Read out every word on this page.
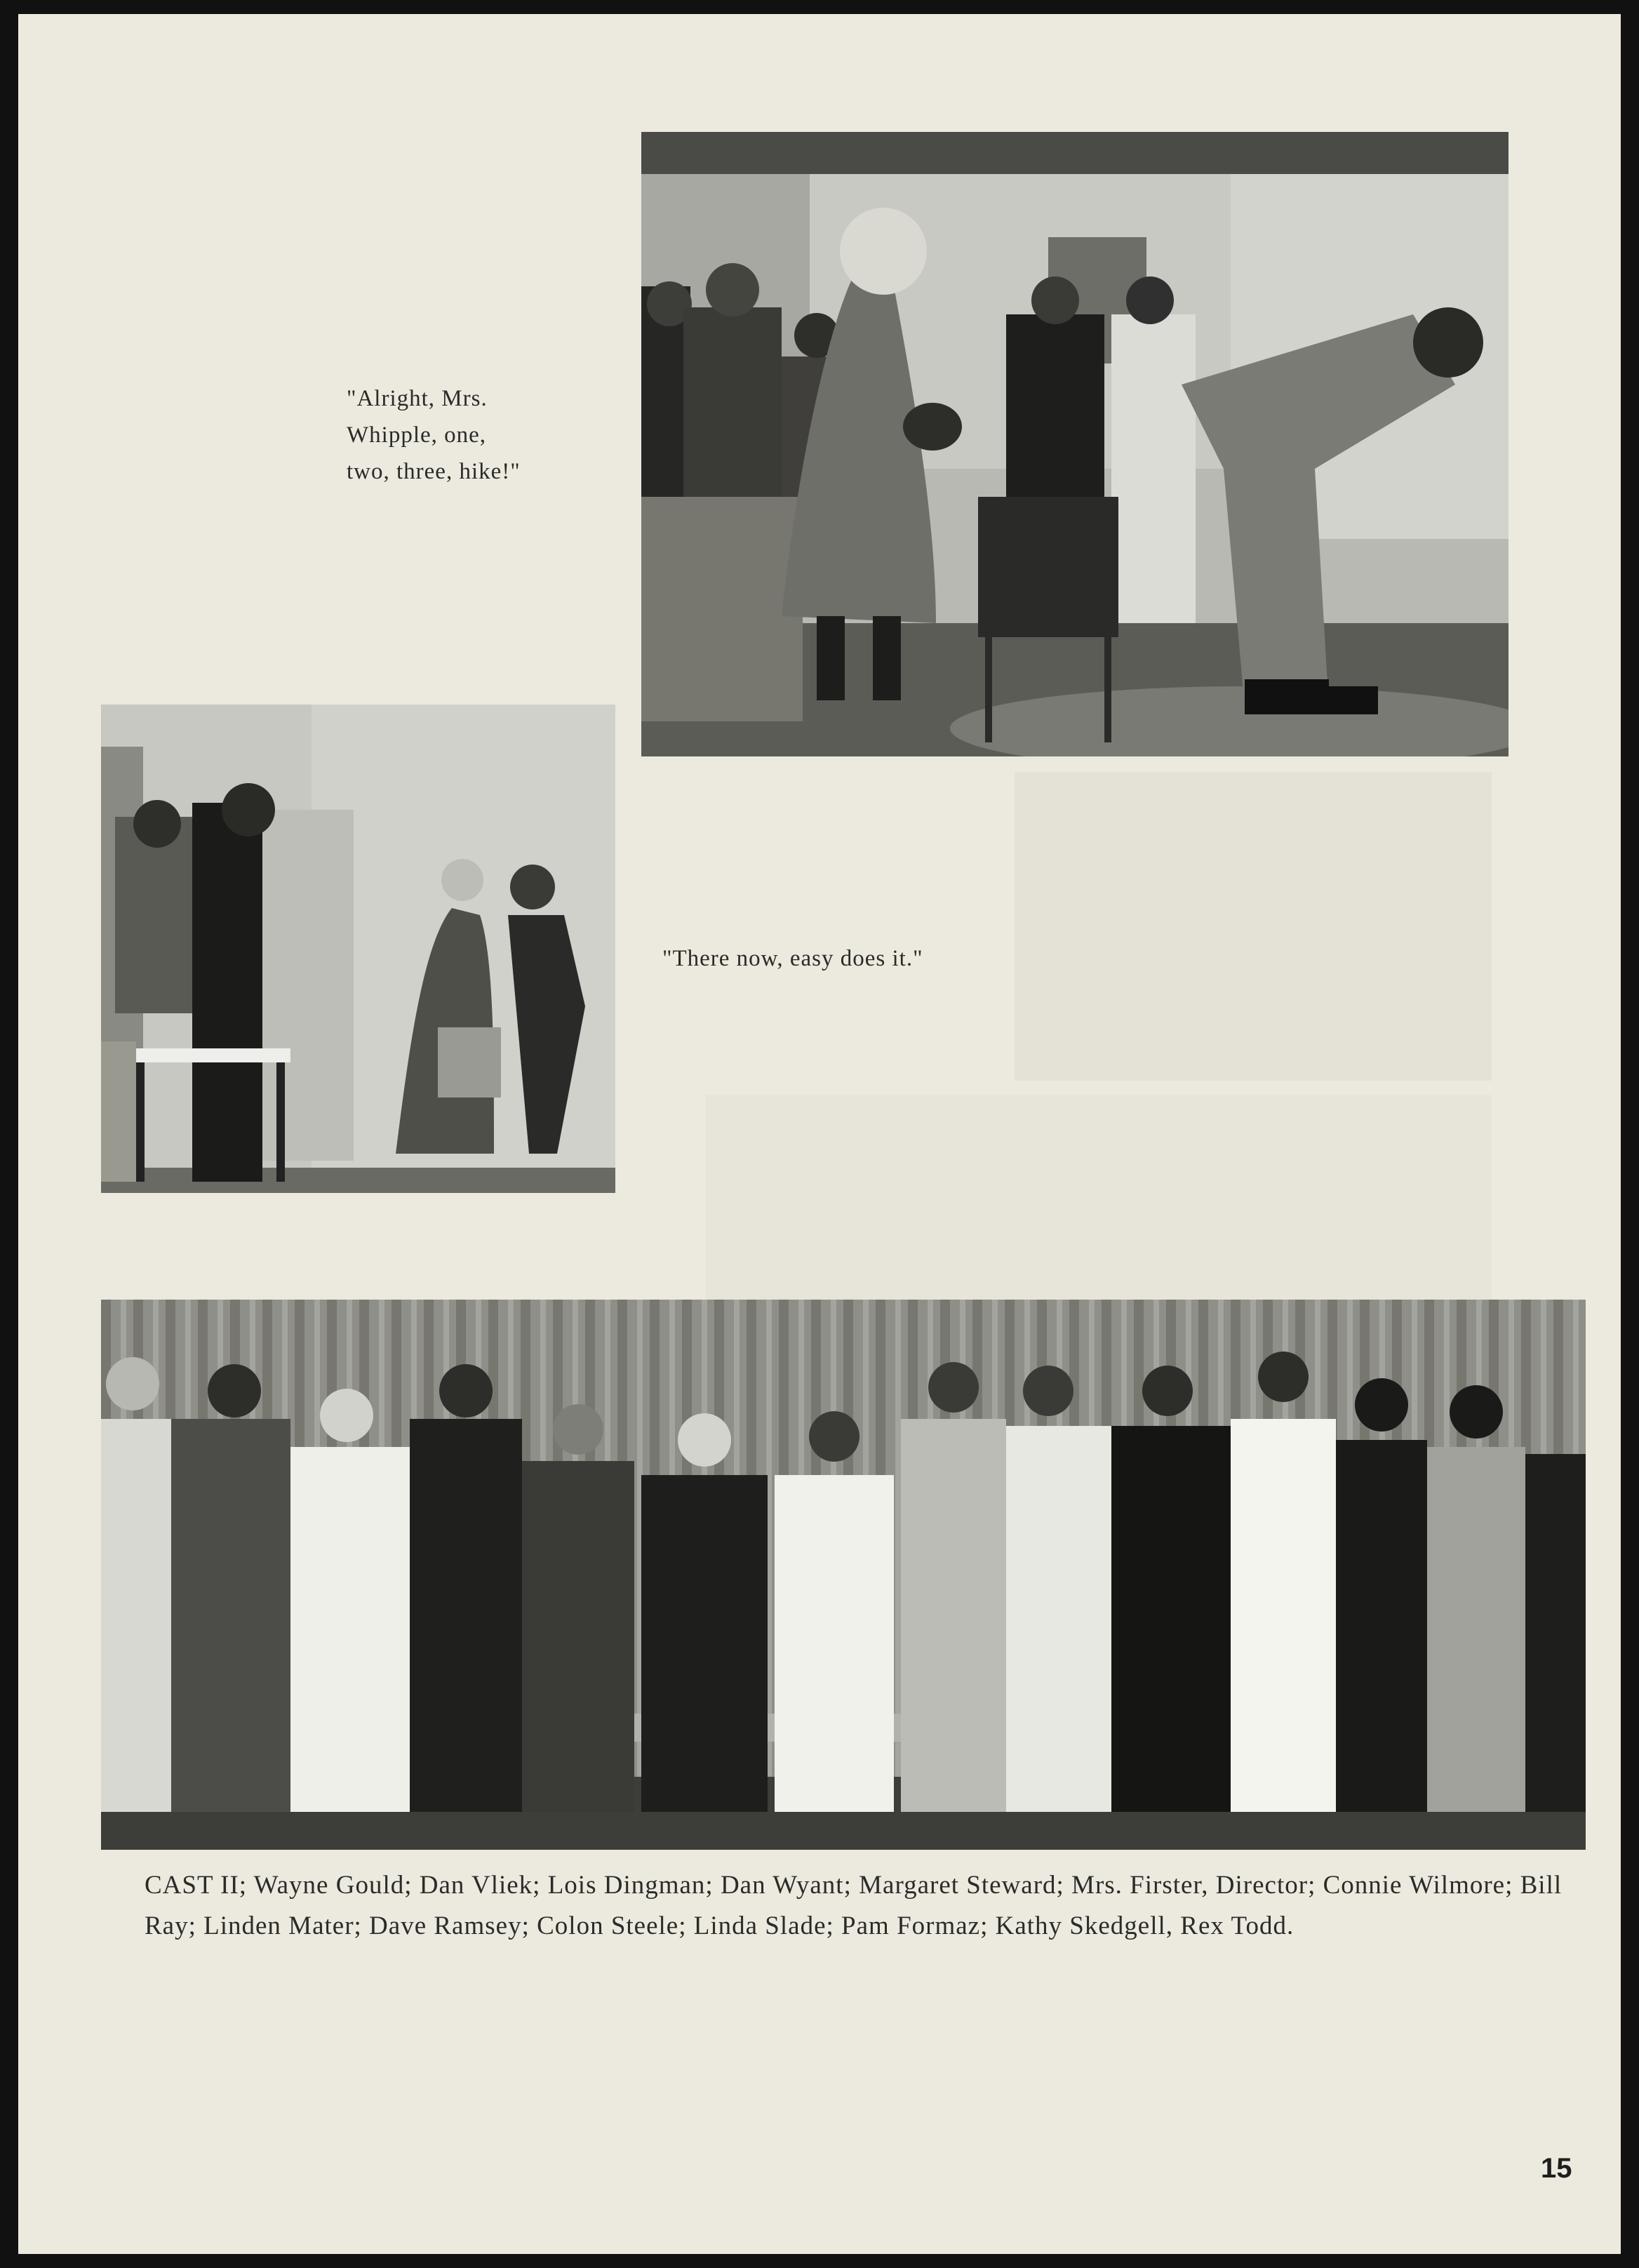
"Alright, Mrs.
Whipple, one,
two, three, hike!"
"There now, easy does it."
CAST II; Wayne Gould; Dan Vliek; Lois Dingman; Dan Wyant; Margaret Steward; Mrs. Firster, Director; Connie Wilmore; Bill Ray; Linden Mater; Dave Ramsey; Colon Steele; Linda Slade; Pam Formaz; Kathy Skedgell, Rex Todd.
15
